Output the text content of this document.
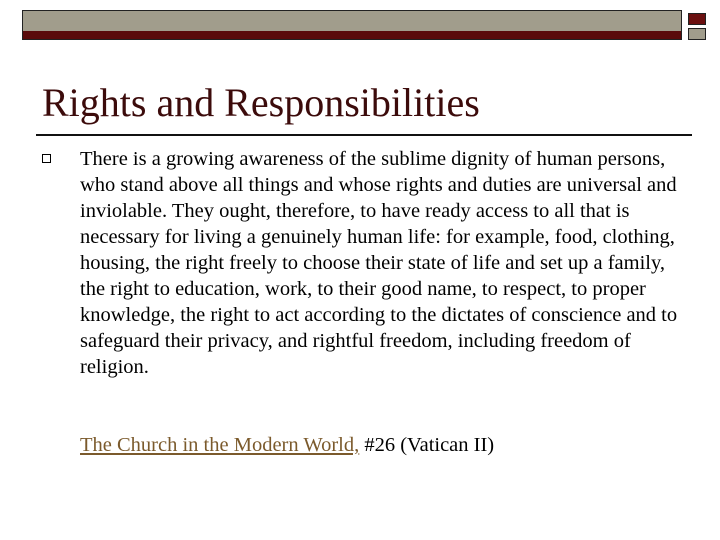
Rights and Responsibilities

There is a growing awareness of the sublime dignity of human persons, who stand above all things and whose rights and duties are universal and inviolable. They ought, therefore, to have ready access to all that is necessary for living a genuinely human life: for example, food, clothing, housing, the right freely to choose their state of life and set up a family, the right to education, work, to their good name, to respect, to proper knowledge, the right to act according to the dictates of conscience and to safeguard their privacy, and rightful freedom, including freedom of religion.

The Church in the Modern World, #26 (Vatican II)
